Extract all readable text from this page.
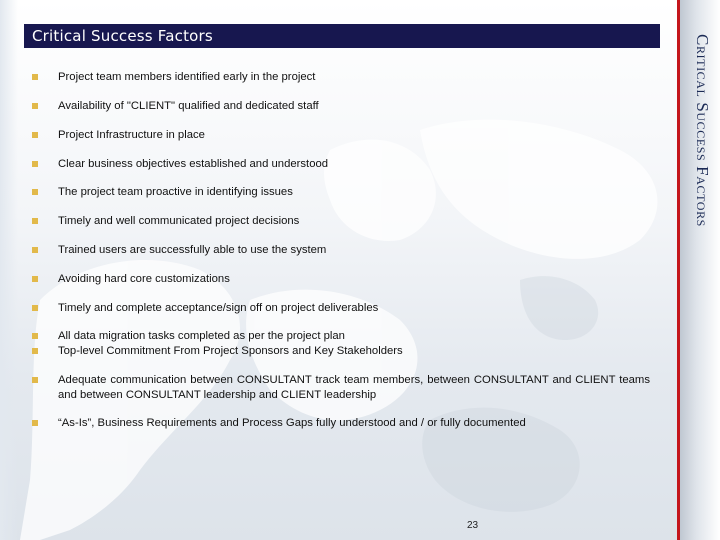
Critical Success Factors	Critical Success Factors
Project team members identified early in the project
Availability of "CLIENT" qualified and dedicated staff
Project Infrastructure in place
Clear business objectives established and understood
The project team proactive in identifying issues
Timely and well communicated project decisions
Trained users are successfully able to use the system
Avoiding hard core customizations
Timely and complete acceptance/sign off on project deliverables
All data migration tasks completed as per the project plan
Top-level Commitment From Project Sponsors and Key Stakeholders
Adequate communication between CONSULTANT track team members, between CONSULTANT and CLIENT teams and between CONSULTANT leadership and CLIENT leadership
“As-Is”, Business Requirements and Process Gaps fully understood and / or fully documented
23
